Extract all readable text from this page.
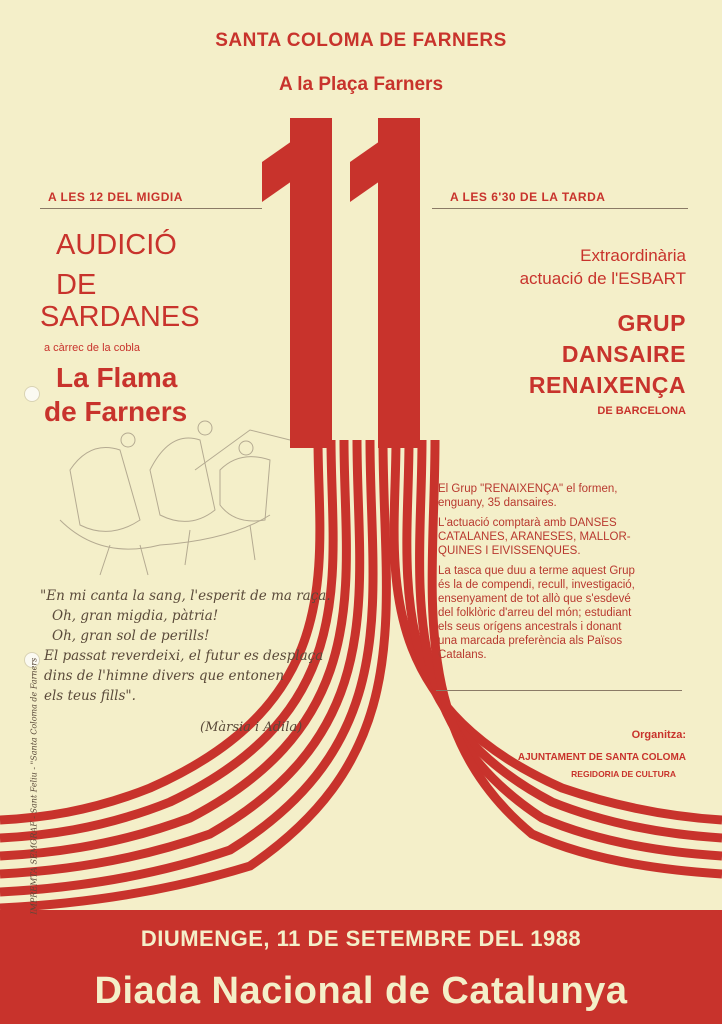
SANTA COLOMA DE FARNERS
A la Plaça Farners
A LES 12 DEL MIGDIA
AUDICIÓ
DE
SARDANES
a càrrec de la cobla
La Flama
de Farners
A LES 6'30 DE LA TARDA
Extraordinària
actuació de l'ESBART
GRUP
DANSAIRE
RENAIXENÇA
DE BARCELONA
El Grup "RENAIXENÇA" el formen,
enguany, 35 dansaires.
L'actuació comptarà amb DANSES
CATALANES, ARANESES, MALLOR-
QUINES I EIVISSENQUES.
La tasca que duu a terme aquest Grup
és la de compendi, recull, investigació,
ensenyament de tot allò que s'esdevé
del folklòric d'arreu del món; estudiant
els seus orígens ancestrals i donant
una marcada preferència als Països
Catalans.
"En mi canta la sang, l'esperit de ma raça.
Oh, gran migdia, pàtria!
Oh, gran sol de perills!
El passat reverdeixi, el futur es desplaça
dins de l'himne divers que entonen
els teus fills".
(Màrsia i Adila)
IMPREMTA SEMGRAF - Sant Feliu - "Santa Coloma de Farners	Organitza:
AJUNTAMENT DE SANTA COLOMA
REGIDORIA DE CULTURA
DIUMENGE, 11 DE SETEMBRE DEL 1988
Diada Nacional de Catalunya
